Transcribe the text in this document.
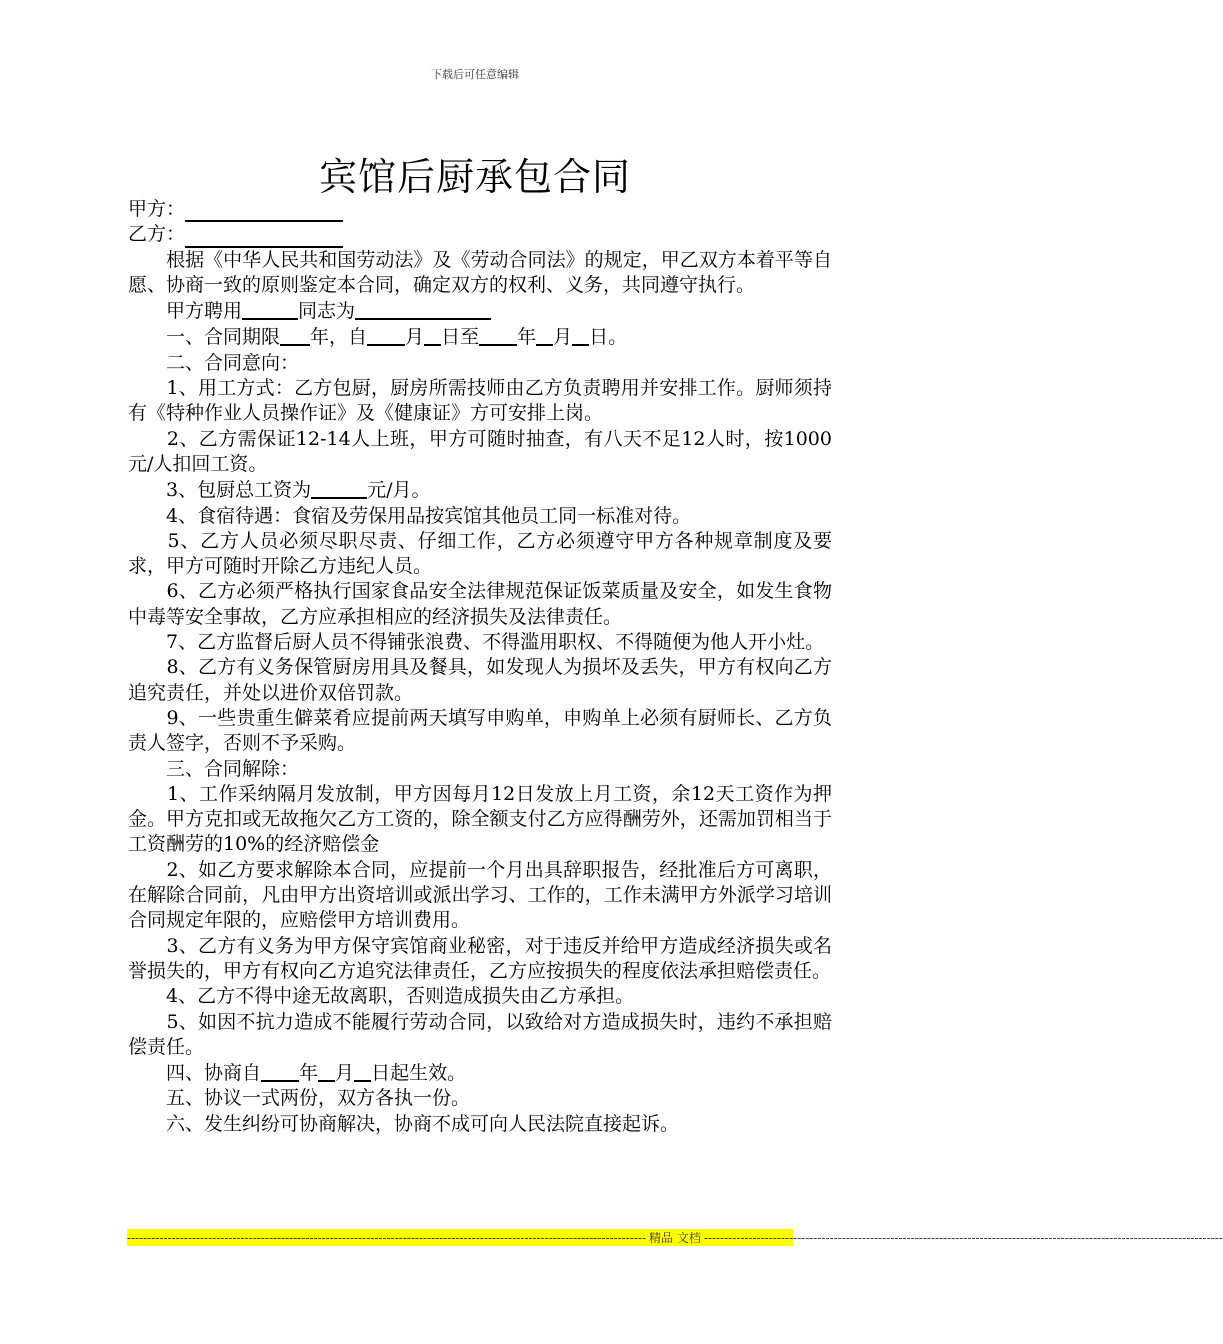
下载后可任意编辑
宾馆后厨承包合同

甲方：

乙方：

　　根据《中华人民共和国劳动法》及《劳动合同法》的规定，甲乙双方本着平等自愿、协商一致的原则鉴定本合同，确定双方的权利、义务，共同遵守执行。

　　甲方聘用	同志为

　　一、合同期限 年，自 月 日至 年 月 日。

　　二、合同意向：

　　1、用工方式：乙方包厨，厨房所需技师由乙方负责聘用并安排工作。厨师须持有《特种作业人员操作证》及《健康证》方可安排上岗。

　　2、乙方需保证12-14人上班，甲方可随时抽查，有八天不足12人时，按1000元/人扣回工资。

　　3、包厨总工资为	元/月。

　　4、食宿待遇：食宿及劳保用品按宾馆其他员工同一标准对待。

　　5、乙方人员必须尽职尽责、仔细工作，乙方必须遵守甲方各种规章制度及要求，甲方可随时开除乙方违纪人员。

　　6、乙方必须严格执行国家食品安全法律规范保证饭菜质量及安全，如发生食物中毒等安全事故，乙方应承担相应的经济损失及法律责任。

　　7、乙方监督后厨人员不得铺张浪费、不得滥用职权、不得随便为他人开小灶。

　　8、乙方有义务保管厨房用具及餐具，如发现人为损坏及丢失，甲方有权向乙方追究责任，并处以进价双倍罚款。

　　9、一些贵重生僻菜肴应提前两天填写申购单，申购单上必须有厨师长、乙方负责人签字，否则不予采购。

　　三、合同解除：

　　1、工作采纳隔月发放制，甲方因每月12日发放上月工资，余12天工资作为押金。甲方克扣或无故拖欠乙方工资的，除全额支付乙方应得酬劳外，还需加罚相当于工资酬劳的10%的经济赔偿金

　　2、如乙方要求解除本合同，应提前一个月出具辞职报告，经批准后方可离职，在解除合同前，凡由甲方出资培训或派出学习、工作的，工作未满甲方外派学习培训合同规定年限的，应赔偿甲方培训费用。

　　3、乙方有义务为甲方保守宾馆商业秘密，对于违反并给甲方造成经济损失或名誉损失的，甲方有权向乙方追究法律责任，乙方应按损失的程度依法承担赔偿责任。

　　4、乙方不得中途无故离职，否则造成损失由乙方承担。

　　5、如因不抗力造成不能履行劳动合同，以致给对方造成损失时，违约不承担赔偿责任。

　　四、协商自 年 月 日起生效。

　　五、协议一式两份，双方各执一份。

　　六、发生纠纷可协商解决，协商不成可向人民法院直接起诉。

-------------------------------------------------------------------------------------------------------------------------------- 精品 文档 --------------------------------------------------------------------------------------------------------------------------------
